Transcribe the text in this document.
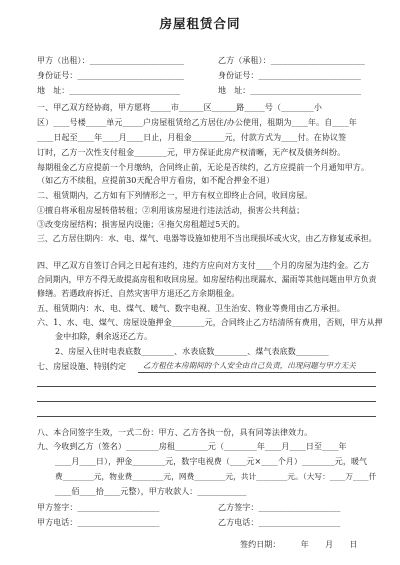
房屋租赁合同
甲方（出租）：_______________________	乙方（承租）：_______________________
身份证号：__________________________	身份证号：_________________________
地　址：___________________________	地　址：___________________________
一、甲乙双方经协商，甲方愿将_____市______区______路_____号（________小
区）____号楼_____单元_____户房屋租赁给乙方居住/办公使用，租期为____年。自____年
____日起至____年____月____日止，月租金________元，付款方式为____付。在协议签
订时，乙方一次性支付租金________元，甲方保证此房产权清晰，无产权及债务纠纷。
每期租金乙方应提前一个月缴纳，合同终止前，无论是否续约，乙方应提前一个月通知甲方。
（如乙方不续租，应提前30天配合甲方看房，如不配合押金不退）
二、租赁期内，乙方如有下列情形之一，甲方有权立即终止合同，收回房屋。
①擅自将承租房屋转借转租；②利用该房屋进行违法活动，损害公共利益；
③改变房屋结构；损害屋内设施；④拖欠房租超过5天的。
三、乙方居住期内：水、电、煤气、电器等设施如使用不当出现损坏或火灾，由乙方修复或承担。
四、甲乙双方自签订合同之日起有违约，违约方应向对方支付____个月的房屋为违约金。乙方
合同期内，甲方不得无故提高房租和收回房屋。如房屋结构出现漏水、漏雨等其他问题由甲方负责
修缮。若遇政府拆迁、自然灾害甲方退还乙方余期租金。
五、租赁期内：水、电、煤气、暖气、数字电视、卫生治安、物业等费用由乙方承担。
六、1、水、电、煤气、房屋设施押金________元，合同终止乙方结清所有费用，否则，甲方从押
金中扣除，剩余返还乙方。
2、房屋入住时电表底数________、水表底数________、煤气表底数________
七、房屋设施、特别约定 乙方租住本房期间的个人安全由自己负责，出现问题与甲方无关
八、本合同签字生效，一式二份：甲方、乙方各执一份，具有同等法律效力。
九、今收到乙方（签名）________房租________元（________年____月____日至____年
____月____日），押金________元，数字电视费（____元×____个月）________元，暖气
费________元，物业费________元，网费________元，共计________元。（大写：____万____仟
____佰____拾____元整），甲方收款人：____________
甲方签字：____________________	乙方签字：____________________
甲方电话：____________________	乙方电话：____________________
签约日期：　　　年　　月　　日
